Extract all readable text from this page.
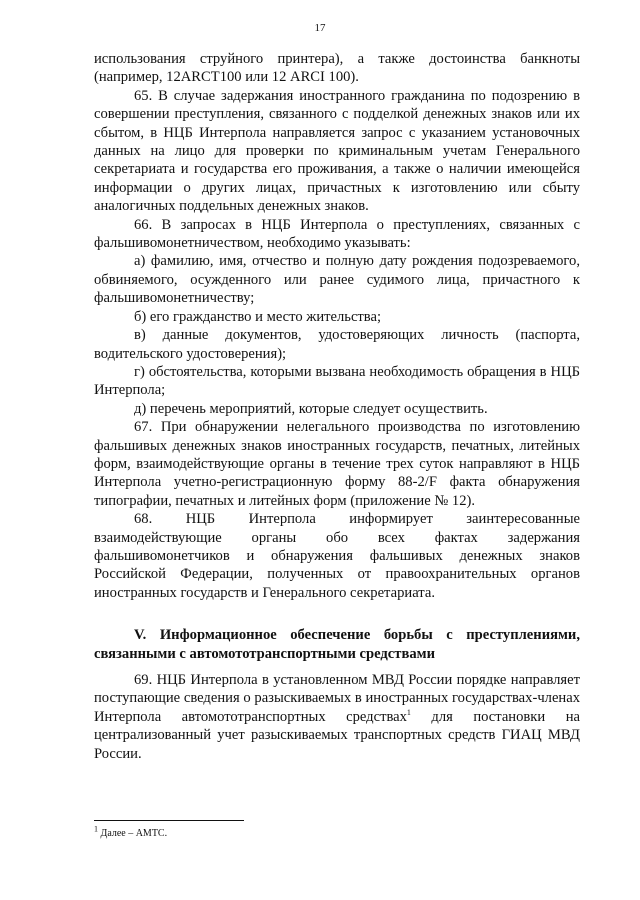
17

использования струйного принтера), а также достоинства банкноты (например, 12ARCT100 или 12 ARCI 100).

65. В случае задержания иностранного гражданина по подозрению в совершении преступления, связанного с подделкой денежных знаков или их сбытом, в НЦБ Интерпола направляется запрос с указанием установочных данных на лицо для проверки по криминальным учетам Генерального секретариата и государства его проживания, а также о наличии имеющейся информации о других лицах, причастных к изготовлению или сбыту аналогичных поддельных денежных знаков.

66. В запросах в НЦБ Интерпола о преступлениях, связанных с фальшивомонетничеством, необходимо указывать:

а) фамилию, имя, отчество и полную дату рождения подозреваемого, обвиняемого, осужденного или ранее судимого лица, причастного к фальшивомонетничеству;

б) его гражданство и место жительства;

в) данные документов, удостоверяющих личность (паспорта, водительского удостоверения);

г) обстоятельства, которыми вызвана необходимость обращения в НЦБ Интерпола;

д) перечень мероприятий, которые следует осуществить.

67. При обнаружении нелегального производства по изготовлению фальшивых денежных знаков иностранных государств, печатных, литейных форм, взаимодействующие органы в течение трех суток направляют в НЦБ Интерпола учетно-регистрационную форму 88-2/F факта обнаружения типографии, печатных и литейных форм (приложение № 12).

68. НЦБ Интерпола информирует заинтересованные взаимодействующие органы обо всех фактах задержания фальшивомонетчиков и обнаружения фальшивых денежных знаков Российской Федерации, полученных от правоохранительных органов иностранных государств и Генерального секретариата.

V. Информационное обеспечение борьбы с преступлениями, связанными с автомототранспортными средствами

69. НЦБ Интерпола в установленном МВД России порядке направляет поступающие сведения о разыскиваемых в иностранных государствах-членах Интерпола автомототранспортных средствах$^1$ для постановки на централизованный учет разыскиваемых транспортных средств ГИАЦ МВД России.

$^1$ Далее – АМТС.
